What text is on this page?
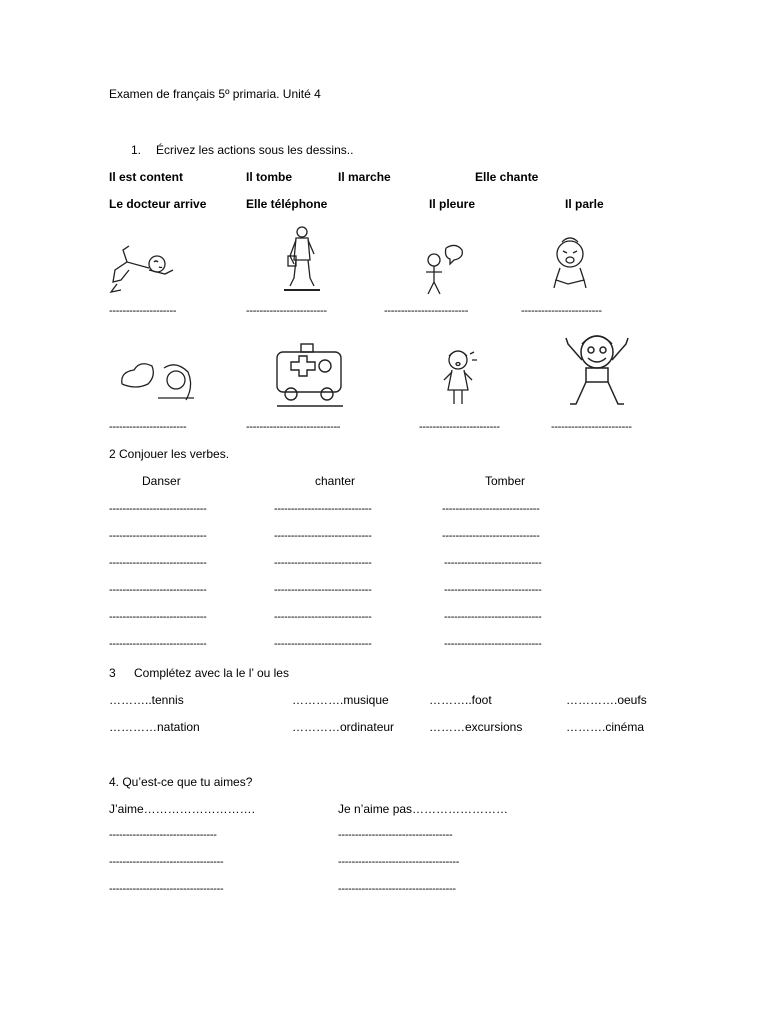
Examen de français 5º primaria. Unité 4
1. Écrivez les actions sous les dessins..
Il est content	Il tombe	Il marche	Elle chante
Le docteur arrive	Elle téléphone	Il pleure	Il parle
--------------------	------------------------	-------------------------	------------------------
-----------------------	----------------------------	------------------------	------------------------
2 Conjouer les verbes.
Danser	chanter	Tomber
-----------------------------	-----------------------------	-----------------------------
-----------------------------	-----------------------------	-----------------------------
-----------------------------	-----------------------------	-----------------------------
-----------------------------	-----------------------------	-----------------------------
-----------------------------	-----------------------------	-----------------------------
-----------------------------	-----------------------------	-----------------------------
3 Complétez avec la le l’ ou les
………..tennis	………….musique	………..foot	………….oeufs
…………natation	…………ordinateur	………excursions	……….cinéma
4. Qu’est-ce que tu aimes?
J’aime……………………….	Je n’aime pas……………………
--------------------------------	----------------------------------
----------------------------------	------------------------------------
----------------------------------	-----------------------------------
